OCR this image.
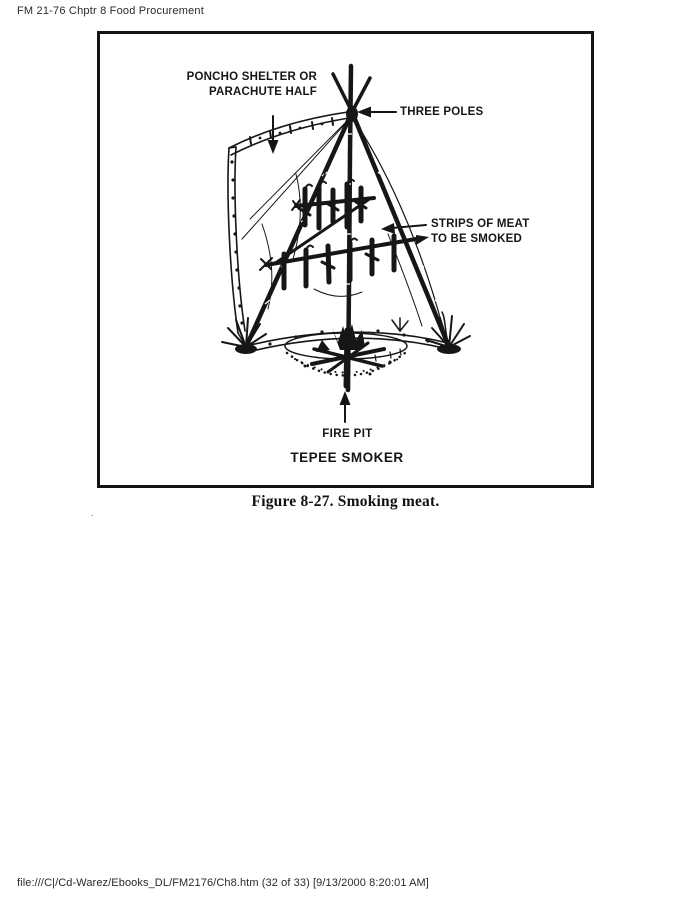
FM 21-76 Chptr 8 Food Procurement
PONCHO SHELTER OR
PARACHUTE HALF
THREE POLES
STRIPS OF MEAT
TO BE SMOKED
FIRE PIT
TEPEE SMOKER
Figure 8-27. Smoking meat.
.
file:///C|/Cd-Warez/Ebooks_DL/FM2176/Ch8.htm (32 of 33) [9/13/2000 8:20:01 AM]
